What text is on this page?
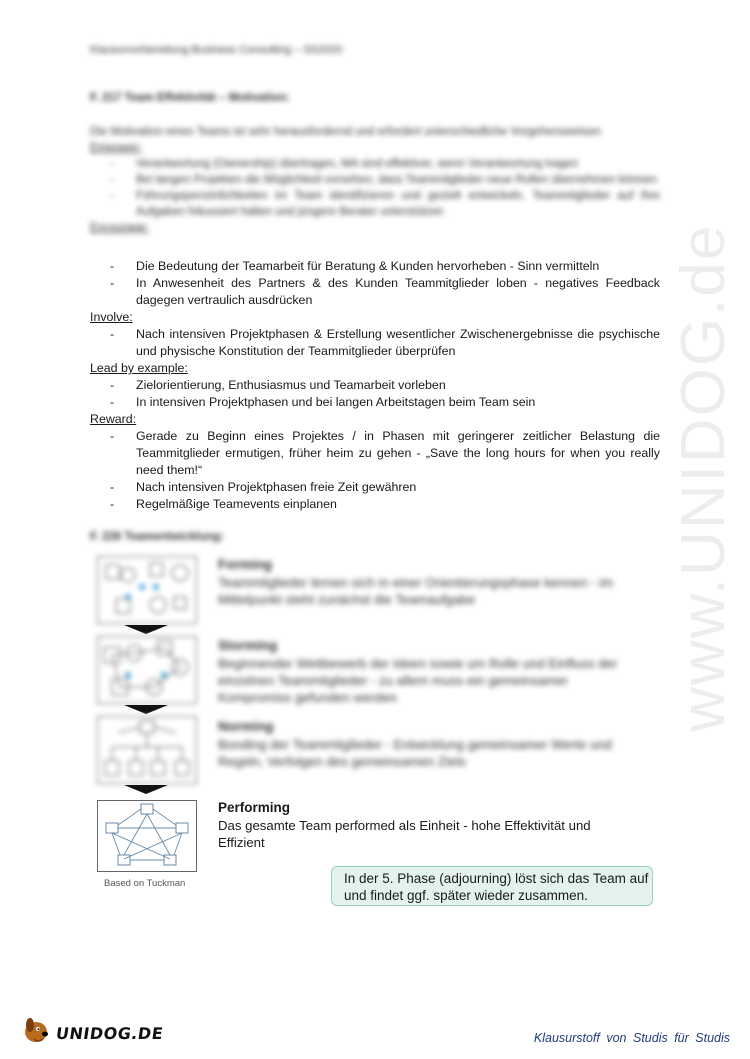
Klausurvorbereitung Business Consulting – SS2020
F. 217 Team Effektivität – Motivation:
Die Motivation eines Teams ist sehr herausfordernd und erfordert unterschiedliche Vorgehensweisen
Empower:
- Verantwortung (Ownership) übertragen, MA sind effektiver, wenn Verantwortung tragen
- Bei langen Projekten die Möglichkeit vorsehen, dass Teammitglieder neue Rollen übernehmen können
- Führungspersönlichkeiten im Team identifizieren und gezielt entwickeln, Teammitglieder auf ihre Aufgaben fokussiert halten und jüngere Berater unterstützen
Encourage:
- Die Bedeutung der Teamarbeit für Beratung & Kunden hervorheben - Sinn vermitteln
- In Anwesenheit des Partners & des Kunden Teammitglieder loben - negatives Feedback dagegen vertraulich ausdrücken
Involve:
- Nach intensiven Projektphasen & Erstellung wesentlicher Zwischenergebnisse die psychische und physische Konstitution der Teammitglieder überprüfen
Lead by example:
- Zielorientierung, Enthusiasmus und Teamarbeit vorleben
- In intensiven Projektphasen und bei langen Arbeitstagen beim Team sein
Reward:
- Gerade zu Beginn eines Projektes / in Phasen mit geringerer zeitlicher Belastung die Teammitglieder ermutigen, früher heim zu gehen - „Save the long hours for when you really need them!“
- Nach intensiven Projektphasen freie Zeit gewähren
- Regelmäßige Teamevents einplanen
F. 226 Teamentwicklung:
Based on Tuckman
Forming
Teammitglieder lernen sich in einer Orientierungsphase kennen - im Mittelpunkt steht zunächst die Teamaufgabe
Storming
Beginnender Wettbewerb der Ideen sowie um Rolle und Einfluss der einzelnen Teammitglieder - zu allem muss ein gemeinsamer Kompromiss gefunden werden
Norming
Bonding der Teammitglieder - Entwicklung gemeinsamer Werte und Regeln, Verfolgen des gemeinsamen Ziels
Performing
Das gesamte Team performed als Einheit - hohe Effektivität und Effizient
In der 5. Phase (adjourning) löst sich das Team auf und findet ggf. später wieder zusammen.
www.UNIDOG.de
UNIDOG.DE	Klausurstoff von Studis für Studis
